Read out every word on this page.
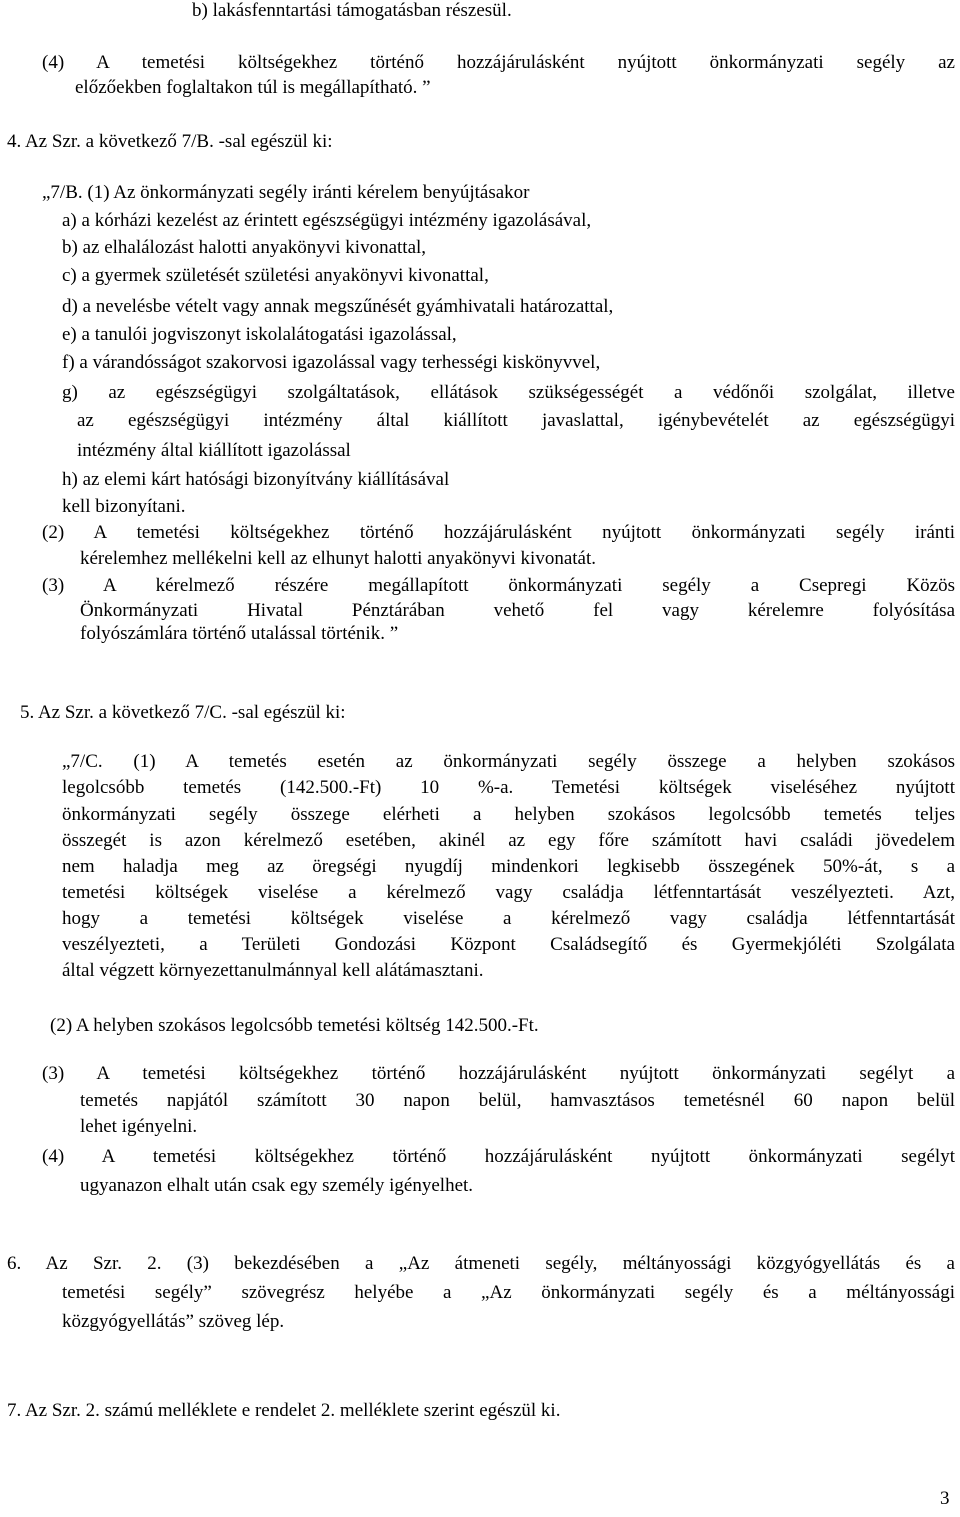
b) lakásfenntartási támogatásban részesül.

(4) A temetési költségekhez történő hozzájárulásként nyújtott önkormányzati segély az

előzőekben foglaltakon túl is megállapítható. ”

4. Az Szr. a következő 7/B. -sal egészül ki:

„7/B. (1) Az önkormányzati segély iránti kérelem benyújtásakor

a) a kórházi kezelést az érintett egészségügyi intézmény igazolásával,

b) az elhalálozást halotti anyakönyvi kivonattal,

c) a gyermek születését születési anyakönyvi kivonattal,

d) a nevelésbe vételt vagy annak megszűnését gyámhivatali határozattal,

e) a tanulói jogviszonyt iskolalátogatási igazolással,

f) a várandósságot szakorvosi igazolással vagy terhességi kiskönyvvel,

g) az egészségügyi szolgáltatások, ellátások szükségességét a védőnői szolgálat, illetve

az egészségügyi intézmény által kiállított javaslattal, igénybevételét az egészségügyi

intézmény által kiállított igazolással

h) az elemi kárt hatósági bizonyítvány kiállításával

kell bizonyítani.

(2) A temetési költségekhez történő hozzájárulásként nyújtott önkormányzati segély iránti

kérelemhez mellékelni kell az elhunyt halotti anyakönyvi kivonatát.

(3) A kérelmező részére megállapított önkormányzati segély a Csepregi Közös

Önkormányzati Hivatal Pénztárában vehető fel vagy kérelemre folyósítása

folyószámlára történő utalással történik. ”

5. Az Szr. a következő 7/C. -sal egészül ki:

„7/C. (1) A temetés esetén az önkormányzati segély összege a helyben szokásos

legolcsóbb temetés (142.500.-Ft) 10 %-a. Temetési költségek viseléséhez nyújtott

önkormányzati segély összege elérheti a helyben szokásos legolcsóbb temetés teljes

összegét is azon kérelmező esetében, akinél az egy főre számított havi családi jövedelem

nem haladja meg az öregségi nyugdíj mindenkori legkisebb összegének 50%-át, s a

temetési költségek viselése a kérelmező vagy családja létfenntartását veszélyezteti. Azt,

hogy a temetési költségek viselése a kérelmező vagy családja létfenntartását

veszélyezteti, a Területi Gondozási Központ Családsegítő és Gyermekjóléti Szolgálata

által végzett környezettanulmánnyal kell alátámasztani.

(2) A helyben szokásos legolcsóbb temetési költség 142.500.-Ft.

(3) A temetési költségekhez történő hozzájárulásként nyújtott önkormányzati segélyt a

temetés napjától számított 30 napon belül, hamvasztásos temetésnél 60 napon belül

lehet igényelni.

(4) A temetési költségekhez történő hozzájárulásként nyújtott önkormányzati segélyt

ugyanazon elhalt után csak egy személy igényelhet.

6. Az Szr. 2. (3) bekezdésében a „Az átmeneti segély, méltányossági közgyógyellátás és a

temetési segély” szövegrész helyébe a „Az önkormányzati segély és a méltányossági

közgyógyellátás” szöveg lép.

7. Az Szr. 2. számú melléklete e rendelet 2. melléklete szerint egészül ki.

3
